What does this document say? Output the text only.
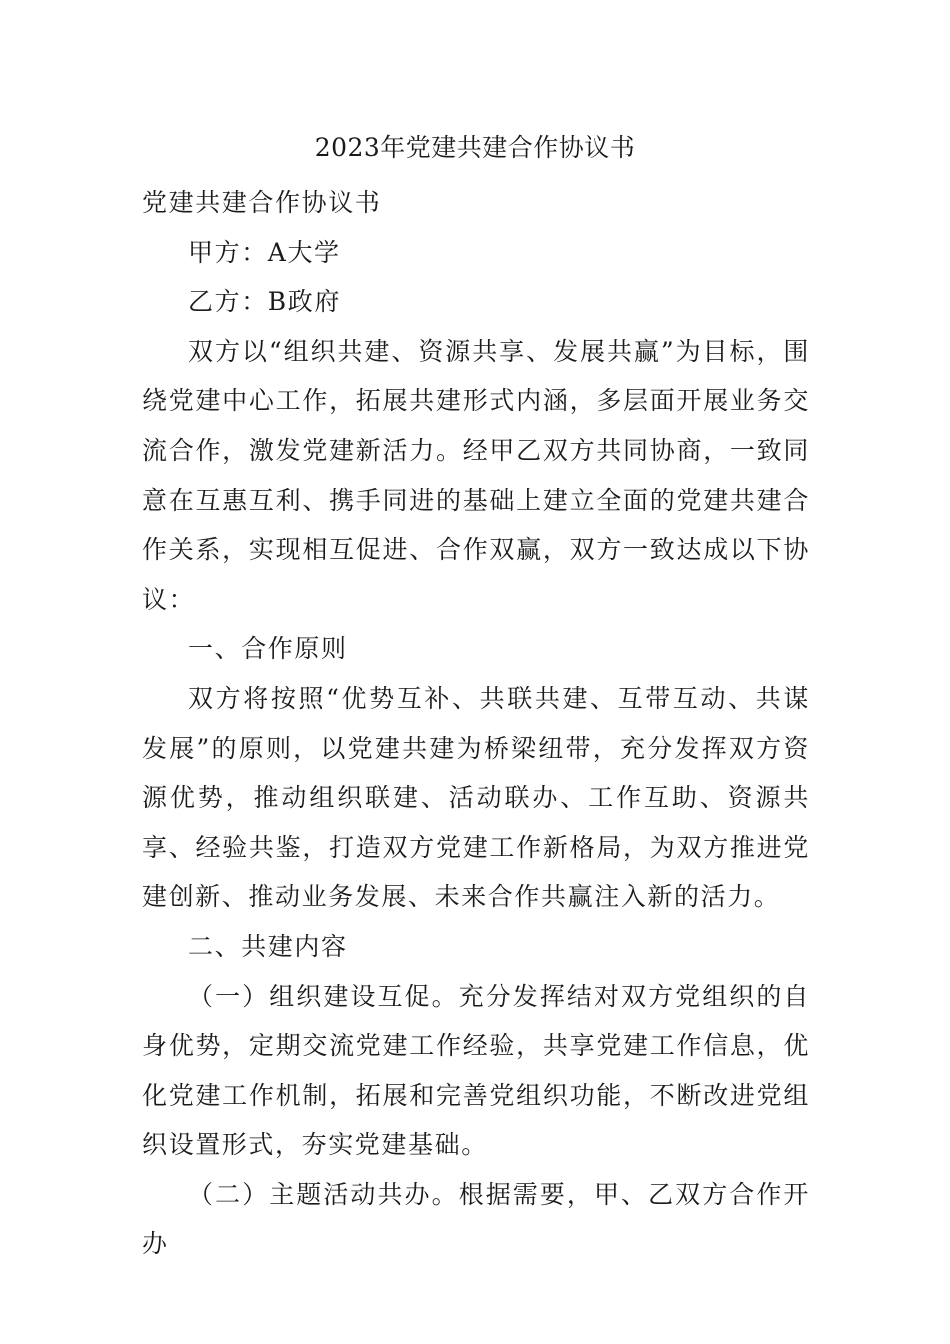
2023年党建共建合作协议书

党建共建合作协议书

甲方：A大学

乙方：B政府

双方以“组织共建、资源共享、发展共赢”为目标，围绕党建中心工作，拓展共建形式内涵，多层面开展业务交流合作，激发党建新活力。经甲乙双方共同协商，一致同意在互惠互利、携手同进的基础上建立全面的党建共建合作关系，实现相互促进、合作双赢，双方一致达成以下协议：

一、合作原则

双方将按照“优势互补、共联共建、互带互动、共谋发展”的原则，以党建共建为桥梁纽带，充分发挥双方资源优势，推动组织联建、活动联办、工作互助、资源共享、经验共鉴，打造双方党建工作新格局，为双方推进党建创新、推动业务发展、未来合作共赢注入新的活力。

二、共建内容

（一）组织建设互促。充分发挥结对双方党组织的自身优势，定期交流党建工作经验，共享党建工作信息，优化党建工作机制，拓展和完善党组织功能，不断改进党组织设置形式，夯实党建基础。

（二）主题活动共办。根据需要，甲、乙双方合作开办
